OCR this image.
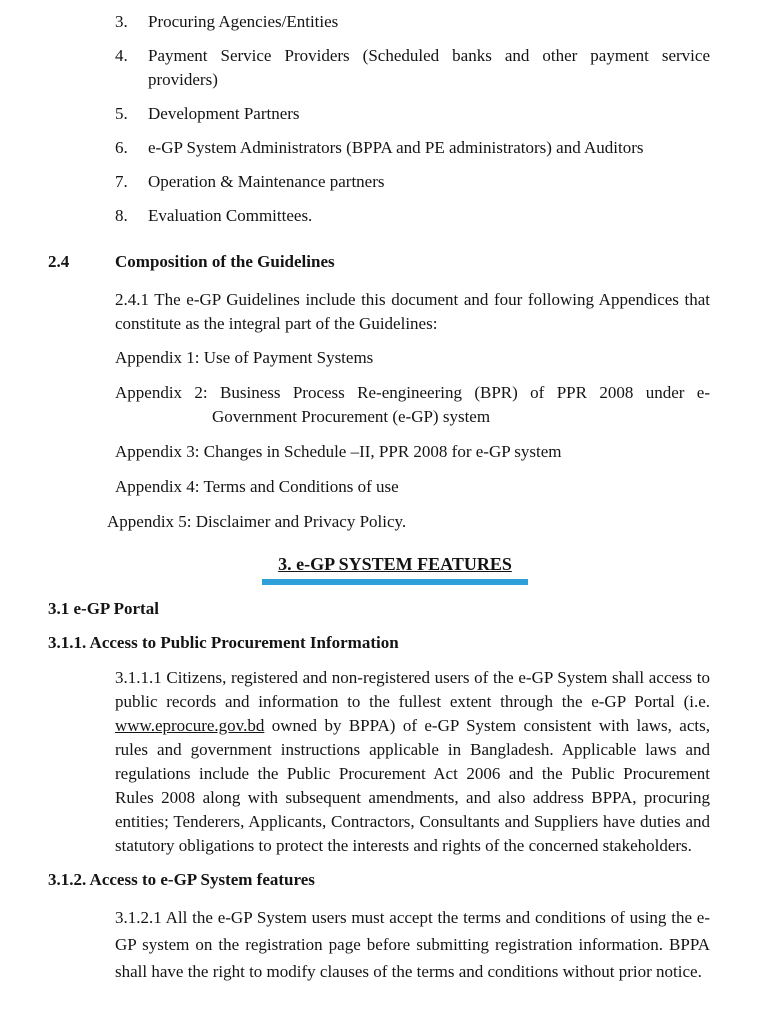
3.	Procuring Agencies/Entities
4.	Payment Service Providers (Scheduled banks and other payment service providers)
5.	Development Partners
6.	e-GP System Administrators (BPPA and PE administrators) and Auditors
7.	Operation & Maintenance partners
8.	Evaluation Committees.
2.4	Composition of the Guidelines

2.4.1 The e-GP Guidelines include this document and four following Appendices that constitute as the integral part of the Guidelines:

Appendix 1: Use of Payment Systems
Appendix 2: Business Process Re-engineering (BPR) of PPR 2008 under e-Government Procurement (e-GP) system
Appendix 3: Changes in Schedule –II, PPR 2008 for e-GP system
Appendix 4: Terms and Conditions of use
Appendix 5: Disclaimer and Privacy Policy.
3. e-GP SYSTEM FEATURES
3.1 e-GP Portal
3.1.1. Access to Public Procurement Information

3.1.1.1 Citizens, registered and non-registered users of the e-GP System shall access to public records and information to the fullest extent through the e-GP Portal (i.e. www.eprocure.gov.bd owned by BPPA) of e-GP System consistent with laws, acts, rules and government instructions applicable in Bangladesh. Applicable laws and regulations include the Public Procurement Act 2006 and the Public Procurement Rules 2008 along with subsequent amendments, and also address BPPA, procuring entities; Tenderers, Applicants, Contractors, Consultants and Suppliers have duties and statutory obligations to protect the interests and rights of the concerned stakeholders.

3.1.2. Access to e-GP System features

3.1.2.1 All the e-GP System users must accept the terms and conditions of using the e-GP system on the registration page before submitting registration information. BPPA shall have the right to modify clauses of the terms and conditions without prior notice.
